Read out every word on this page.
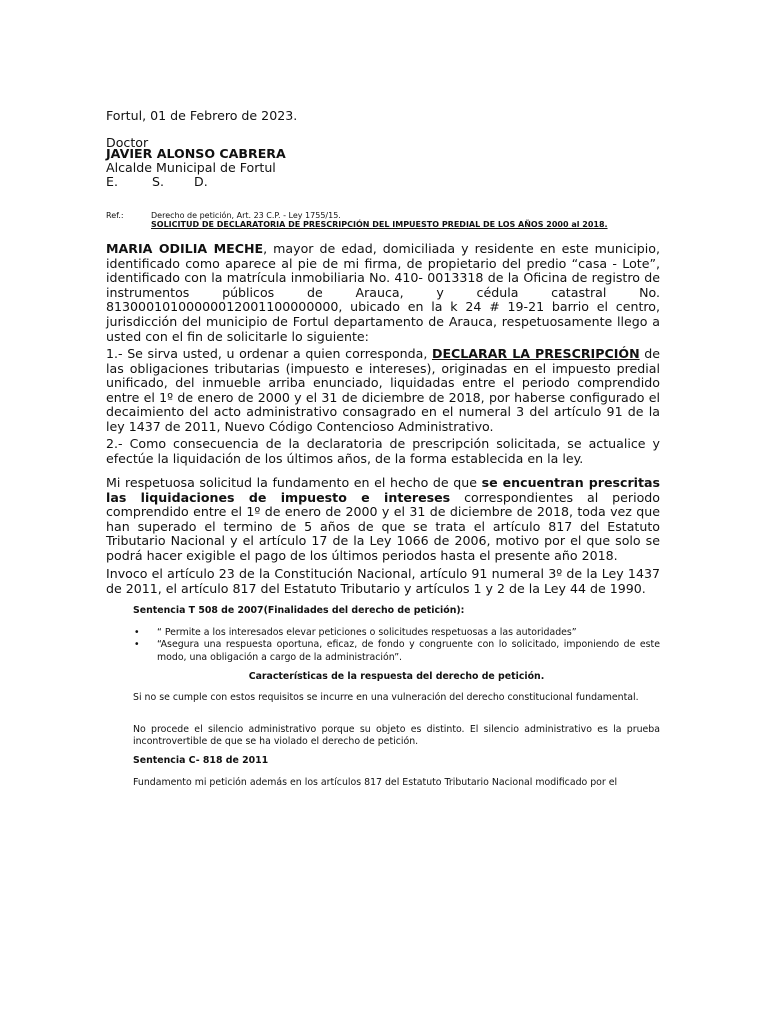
Fortul, 01 de Febrero de 2023.
Doctor
JAVIER ALONSO CABRERA
Alcalde Municipal de Fortul
E.	S. D.
Ref.:	Derecho de petición, Art. 23 C.P. - Ley 1755/15.
SOLICITUD DE DECLARATORIA DE PRESCRIPCIÓN DEL IMPUESTO PREDIAL DE LOS AÑOS 2000 al 2018.
MARIA ODILIA MECHE, mayor de edad, domiciliada y residente en este municipio, identificado como aparece al pie de mi firma, de propietario del predio “casa - Lote”, identificado con la matrícula inmobiliaria No. 410- 0013318 de la Oficina de registro de instrumentos públicos de Arauca, y cédula catastral No. 81300010100000012001100000000, ubicado en la k 24 # 19-21 barrio el centro, jurisdicción del municipio de Fortul departamento de Arauca, respetuosamente llego a usted con el fin de solicitarle lo siguiente:
1.- Se sirva usted, u ordenar a quien corresponda, DECLARAR LA PRESCRIPCIÓN de las obligaciones tributarias (impuesto e intereses), originadas en el impuesto predial unificado, del inmueble arriba enunciado, liquidadas entre el periodo comprendido entre el 1º de enero de 2000 y el 31 de diciembre de 2018, por haberse configurado el decaimiento del acto administrativo consagrado en el numeral 3 del artículo 91 de la ley 1437 de 2011, Nuevo Código Contencioso Administrativo.
2.- Como consecuencia de la declaratoria de prescripción solicitada, se actualice y efectúe la liquidación de los últimos años, de la forma establecida en la ley.
Mi respetuosa solicitud la fundamento en el hecho de que se encuentran prescritas las liquidaciones de impuesto e intereses correspondientes al periodo comprendido entre el 1º de enero de 2000 y el 31 de diciembre de 2018, toda vez que han superado el termino de 5 años de que se trata el artículo 817 del Estatuto Tributario Nacional y el artículo 17 de la Ley 1066 de 2006, motivo por el que solo se podrá hacer exigible el pago de los últimos periodos hasta el presente año 2018.
Invoco el artículo 23 de la Constitución Nacional, artículo 91 numeral 3º de la Ley 1437 de 2011, el artículo 817 del Estatuto Tributario y artículos 1 y 2 de la Ley 44 de 1990.
Sentencia T 508 de 2007(Finalidades del derecho de petición):
• “ Permite a los interesados elevar peticiones o solicitudes respetuosas a las autoridades”
• “Asegura una respuesta oportuna, eficaz, de fondo y congruente con lo solicitado, imponiendo de este modo, una obligación a cargo de la administración”.
Características de la respuesta del derecho de petición.
Si no se cumple con estos requisitos se incurre en una vulneración del derecho constitucional fundamental.
No procede el silencio administrativo porque su objeto es distinto. El silencio administrativo es la prueba incontrovertible de que se ha violado el derecho de petición.
Sentencia C- 818 de 2011
Fundamento mi petición además en los artículos 817 del Estatuto Tributario Nacional modificado por el
